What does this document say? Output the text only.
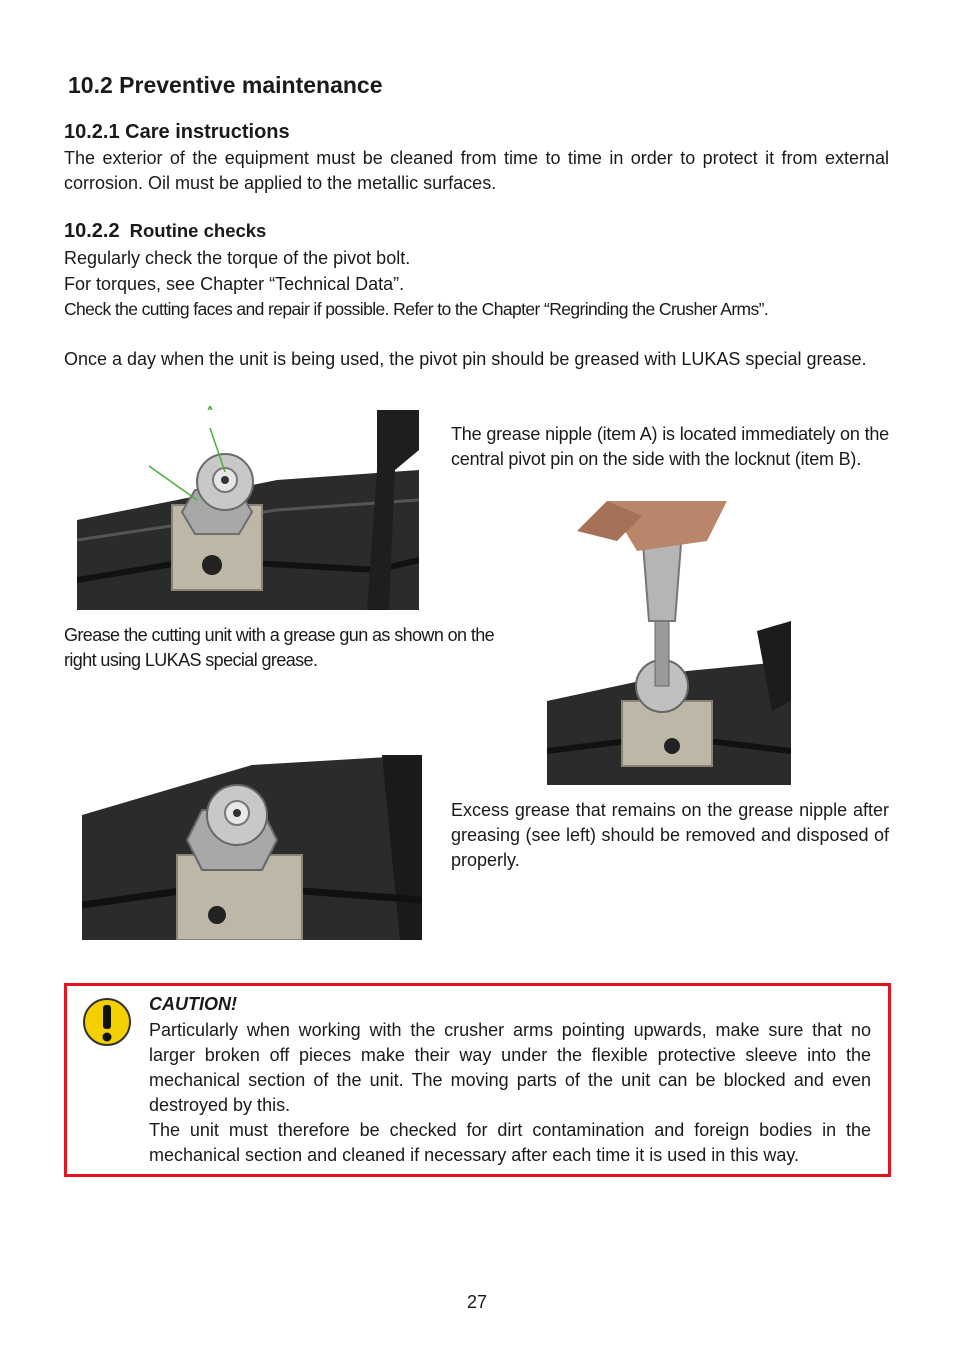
10.2 Preventive maintenance
10.2.1 Care instructions
The exterior of the equipment must be cleaned from time to time in order to protect it from external corrosion. Oil must be applied to the metallic surfaces.
10.2.2 Routine checks
Regularly check the torque of the pivot bolt.
For torques, see Chapter “Technical Data”.
Check the cutting faces and repair if possible. Refer to the Chapter “Regrinding the Crusher Arms”.
Once a day when the unit is being used, the pivot pin should be greased with LUKAS special grease.
The grease nipple (item A) is located immediately on the central pivot pin on the side with the locknut (item B).
Grease the cutting unit with a grease gun as shown on the right using LUKAS special grease.
Excess grease that remains on the grease nipple after greasing (see left) should be removed and disposed of properly.
CAUTION!
Particularly when working with the crusher arms pointing upwards, make sure that no larger broken off pieces make their way under the flexible protective sleeve into the mechanical section of the unit. The moving parts of the unit can be blocked and even destroyed by this.
The unit must therefore be checked for dirt contamination and foreign bodies in the mechanical section and cleaned if necessary after each time it is used in this way.
27
